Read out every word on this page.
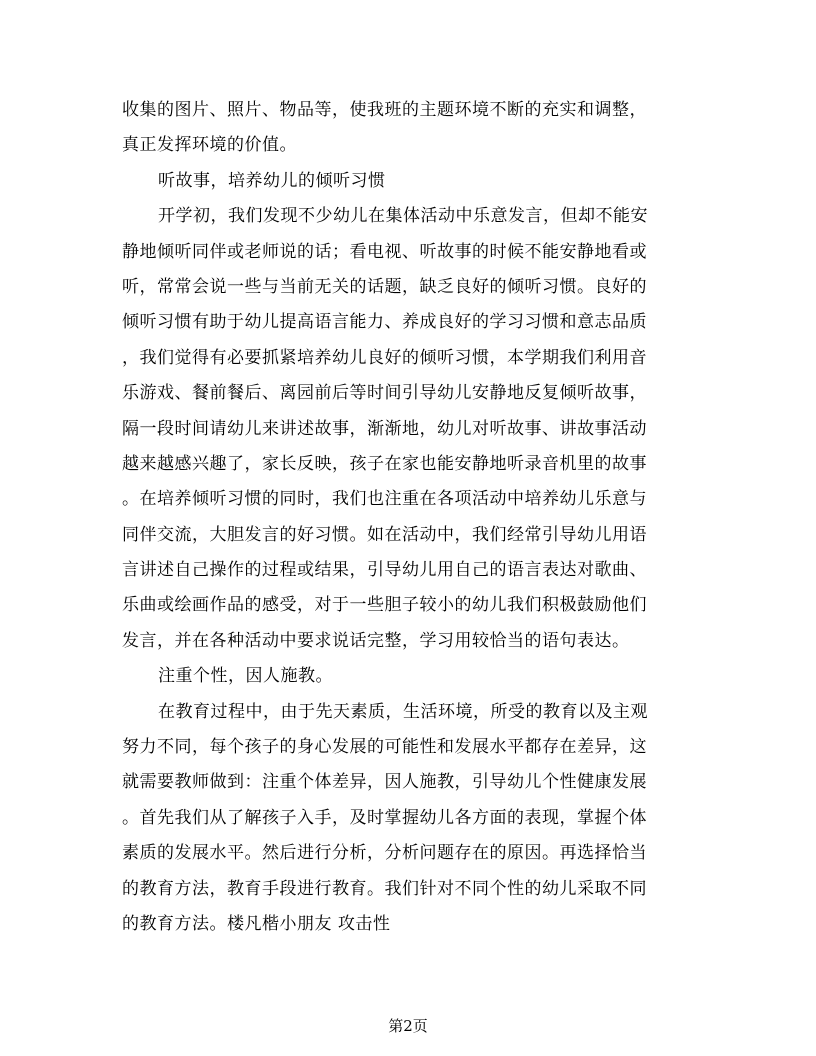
收集的图片、照片、物品等，使我班的主题环境不断的充实和调整，
真正发挥环境的价值。
听故事，培养幼儿的倾听习惯
开学初，我们发现不少幼儿在集体活动中乐意发言，但却不能安
静地倾听同伴或老师说的话；看电视、听故事的时候不能安静地看或
听，常常会说一些与当前无关的话题，缺乏良好的倾听习惯。良好的
倾听习惯有助于幼儿提高语言能力、养成良好的学习习惯和意志品质
，我们觉得有必要抓紧培养幼儿良好的倾听习惯，本学期我们利用音
乐游戏、餐前餐后、离园前后等时间引导幼儿安静地反复倾听故事，
隔一段时间请幼儿来讲述故事，渐渐地，幼儿对听故事、讲故事活动
越来越感兴趣了，家长反映，孩子在家也能安静地听录音机里的故事
。在培养倾听习惯的同时，我们也注重在各项活动中培养幼儿乐意与
同伴交流，大胆发言的好习惯。如在活动中，我们经常引导幼儿用语
言讲述自己操作的过程或结果，引导幼儿用自己的语言表达对歌曲、
乐曲或绘画作品的感受，对于一些胆子较小的幼儿我们积极鼓励他们
发言，并在各种活动中要求说话完整，学习用较恰当的语句表达。
注重个性，因人施教。
在教育过程中，由于先天素质，生活环境，所受的教育以及主观
努力不同，每个孩子的身心发展的可能性和发展水平都存在差异，这
就需要教师做到：注重个体差异，因人施教，引导幼儿个性健康发展
。首先我们从了解孩子入手，及时掌握幼儿各方面的表现，掌握个体
素质的发展水平。然后进行分析，分析问题存在的原因。再选择恰当
的教育方法，教育手段进行教育。我们针对不同个性的幼儿采取不同
的教育方法。楼凡楷小朋友 攻击性
第2页
